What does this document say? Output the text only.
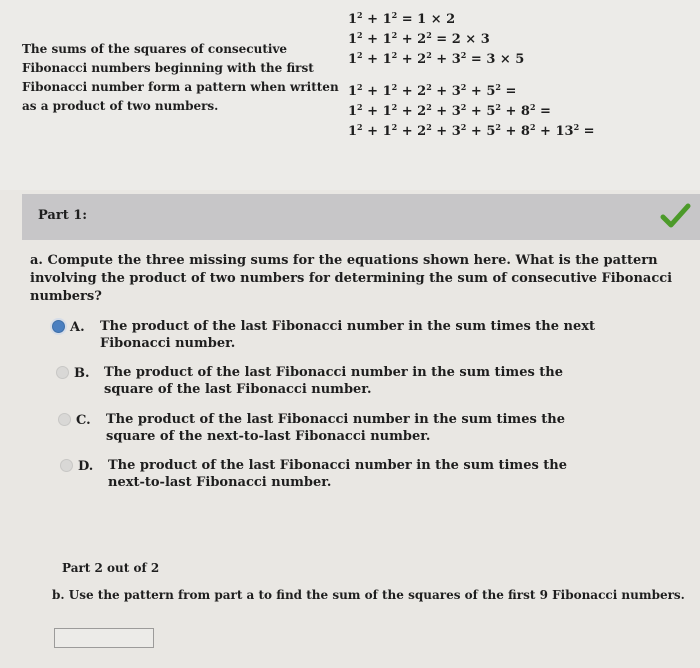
The sums of the squares of consecutive Fibonacci numbers beginning with the first Fibonacci number form a pattern when written as a product of two numbers.
$1^2 + 1^2 = 1 \times 2$
$1^2 + 1^2 + 2^2 = 2 \times 3$
$1^2 + 1^2 + 2^2 + 3^2 = 3 \times 5$
$1^2 + 1^2 + 2^2 + 3^2 + 5^2$ =
$1^2 + 1^2 + 2^2 + 3^2 + 5^2 + 8^2$ =
$1^2 + 1^2 + 2^2 + 3^2 + 5^2 + 8^2 + 13^2$ =
Part 1:
a. Compute the three missing sums for the equations shown here. What is the pattern involving the product of two numbers for determining the sum of consecutive Fibonacci numbers?
A. The product of the last Fibonacci number in the sum times the next Fibonacci number.
B. The product of the last Fibonacci number in the sum times the square of the last Fibonacci number.
C. The product of the last Fibonacci number in the sum times the square of the next-to-last Fibonacci number.
D. The product of the last Fibonacci number in the sum times the next-to-last Fibonacci number.
Part 2 out of 2
b. Use the pattern from part a to find the sum of the squares of the first 9 Fibonacci numbers.
